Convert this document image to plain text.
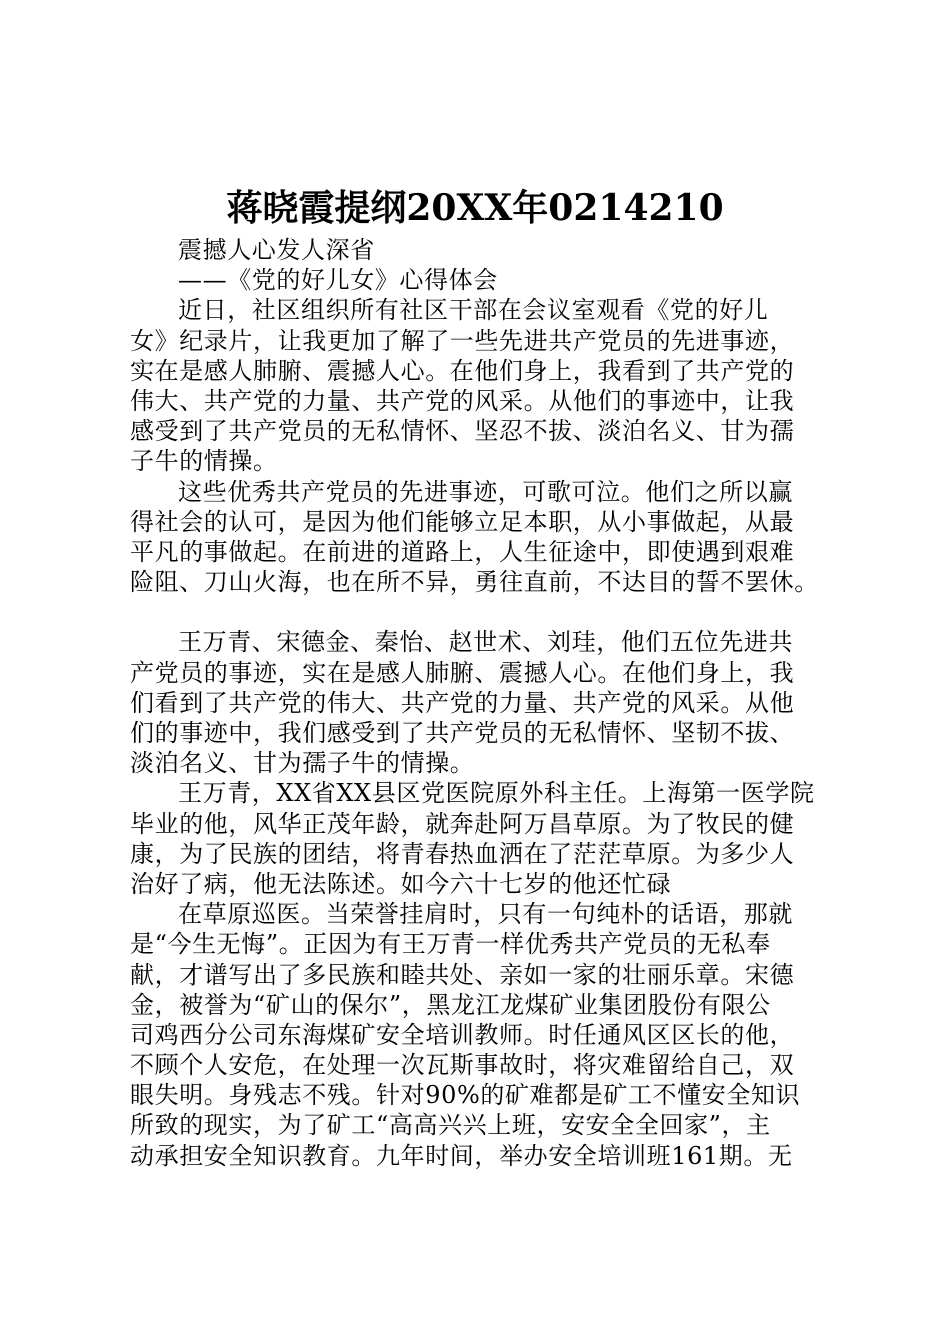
蒋晓霞提纲20XX年0214210
震撼人心发人深省
——《党的好儿女》心得体会
近日，社区组织所有社区干部在会议室观看《党的好儿
女》纪录片，让我更加了解了一些先进共产党员的先进事迹，
实在是感人肺腑、震撼人心。在他们身上，我看到了共产党的
伟大、共产党的力量、共产党的风采。从他们的事迹中，让我
感受到了共产党员的无私情怀、坚忍不拔、淡泊名义、甘为孺
子牛的情操。
这些优秀共产党员的先进事迹，可歌可泣。他们之所以赢
得社会的认可，是因为他们能够立足本职，从小事做起，从最
平凡的事做起。在前进的道路上，人生征途中，即使遇到艰难
险阻、刀山火海，也在所不异，勇往直前，不达目的誓不罢休。
王万青、宋德金、秦怡、赵世术、刘珪，他们五位先进共
产党员的事迹，实在是感人肺腑、震撼人心。在他们身上，我
们看到了共产党的伟大、共产党的力量、共产党的风采。从他
们的事迹中，我们感受到了共产党员的无私情怀、坚韧不拔、
淡泊名义、甘为孺子牛的情操。
王万青，XX省XX县区党医院原外科主任。上海第一医学院
毕业的他，风华正茂年龄，就奔赴阿万昌草原。为了牧民的健
康，为了民族的团结，将青春热血洒在了茫茫草原。为多少人
治好了病，他无法陈述。如今六十七岁的他还忙碌
在草原巡医。当荣誉挂肩时，只有一句纯朴的话语，那就
是“今生无悔”。正因为有王万青一样优秀共产党员的无私奉
献，才谱写出了多民族和睦共处、亲如一家的壮丽乐章。宋德
金，被誉为“矿山的保尔”，黑龙江龙煤矿业集团股份有限公
司鸡西分公司东海煤矿安全培训教师。时任通风区区长的他，
不顾个人安危，在处理一次瓦斯事故时，将灾难留给自己，双
眼失明。身残志不残。针对90%的矿难都是矿工不懂安全知识
所致的现实，为了矿工“高高兴兴上班，安安全全回家”，主
动承担安全知识教育。九年时间，举办安全培训班161期。无
